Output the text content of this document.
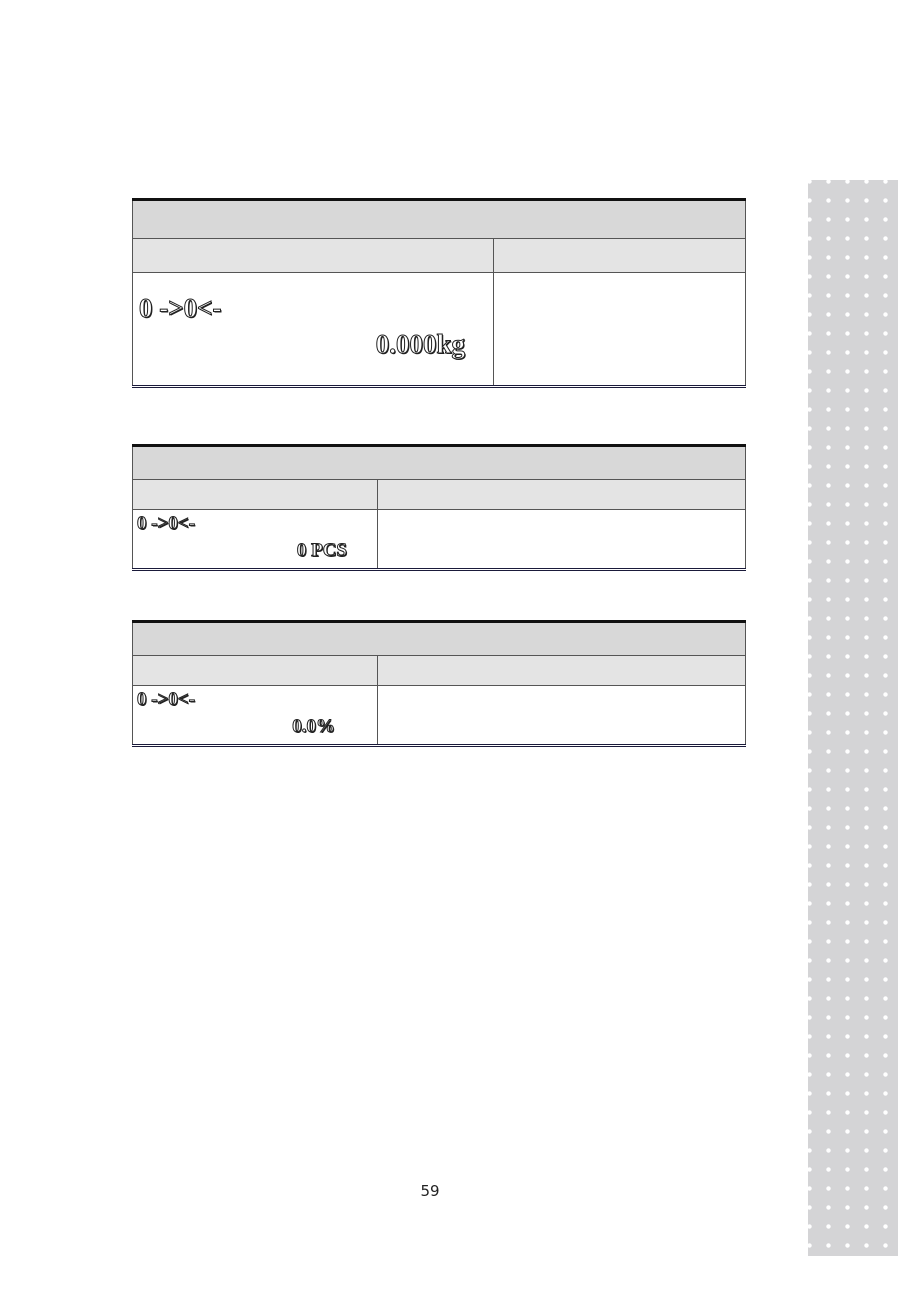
0 ->0<-
0.000kg
0 ->0<-
0 PCS
0 ->0<-
0.0%
59
